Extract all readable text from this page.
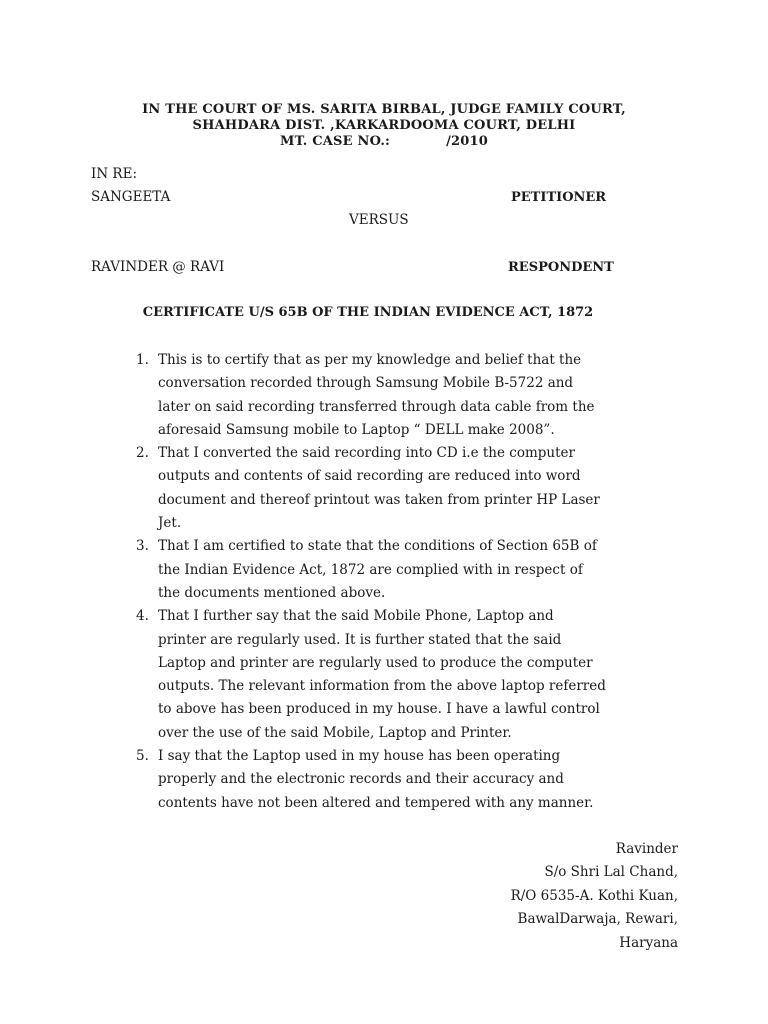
IN THE COURT OF MS. SARITA BIRBAL, JUDGE FAMILY COURT,
SHAHDARA DIST. ,KARKARDOOMA COURT, DELHI
MT. CASE NO.:	/2010
IN RE:
SANGEETA	PETITIONER
VERSUS
RAVINDER @ RAVI	RESPONDENT
CERTIFICATE U/S 65B OF THE INDIAN EVIDENCE ACT, 1872
1. This is to certify that as per my knowledge and belief that the
conversation recorded through Samsung Mobile B-5722 and
later on said recording transferred through data cable from the
aforesaid Samsung mobile to Laptop “ DELL make 2008”.
2. That I converted the said recording into CD i.e the computer
outputs and contents of said recording are reduced into word
document and thereof printout was taken from printer HP Laser
Jet.
3. That I am certified to state that the conditions of Section 65B of
the Indian Evidence Act, 1872 are complied with in respect of
the documents mentioned above.
4. That I further say that the said Mobile Phone, Laptop and
printer are regularly used. It is further stated that the said
Laptop and printer are regularly used to produce the computer
outputs. The relevant information from the above laptop referred
to above has been produced in my house. I have a lawful control
over the use of the said Mobile, Laptop and Printer.
5. I say that the Laptop used in my house has been operating
properly and the electronic records and their accuracy and
contents have not been altered and tempered with any manner.
Ravinder
S/o Shri Lal Chand,
R/O 6535-A. Kothi Kuan,
BawalDarwaja, Rewari,
Haryana
